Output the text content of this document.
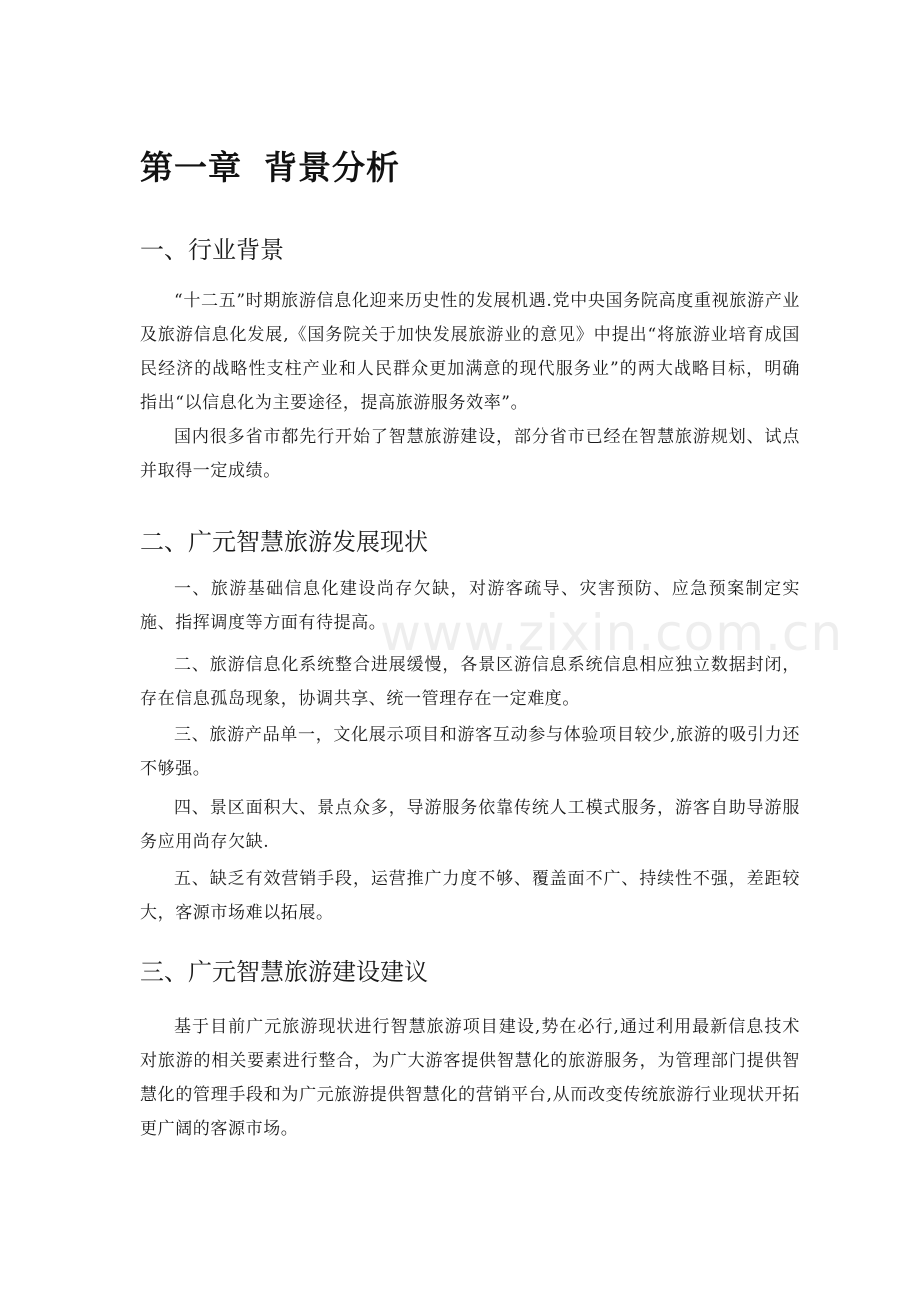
第一章 背景分析
一、行业背景

“十二五”时期旅游信息化迎来历史性的发展机遇.党中央国务院高度重视旅游产业及旅游信息化发展,《国务院关于加快发展旅游业的意见》中提出“将旅游业培育成国民经济的战略性支柱产业和人民群众更加满意的现代服务业”的两大战略目标，明确指出“以信息化为主要途径，提高旅游服务效率”。

国内很多省市都先行开始了智慧旅游建设，部分省市已经在智慧旅游规划、试点并取得一定成绩。

二、广元智慧旅游发展现状

一、旅游基础信息化建设尚存欠缺，对游客疏导、灾害预防、应急预案制定实施、指挥调度等方面有待提高。

二、旅游信息化系统整合进展缓慢，各景区游信息系统信息相应独立数据封闭，存在信息孤岛现象，协调共享、统一管理存在一定难度。

三、旅游产品单一，文化展示项目和游客互动参与体验项目较少,旅游的吸引力还不够强。

四、景区面积大、景点众多，导游服务依靠传统人工模式服务，游客自助导游服务应用尚存欠缺.

五、缺乏有效营销手段，运营推广力度不够、覆盖面不广、持续性不强，差距较大，客源市场难以拓展。

三、广元智慧旅游建设建议

基于目前广元旅游现状进行智慧旅游项目建设,势在必行,通过利用最新信息技术对旅游的相关要素进行整合，为广大游客提供智慧化的旅游服务，为管理部门提供智慧化的管理手段和为广元旅游提供智慧化的营销平台,从而改变传统旅游行业现状开拓更广阔的客源市场。

www.zixin.com.cn
